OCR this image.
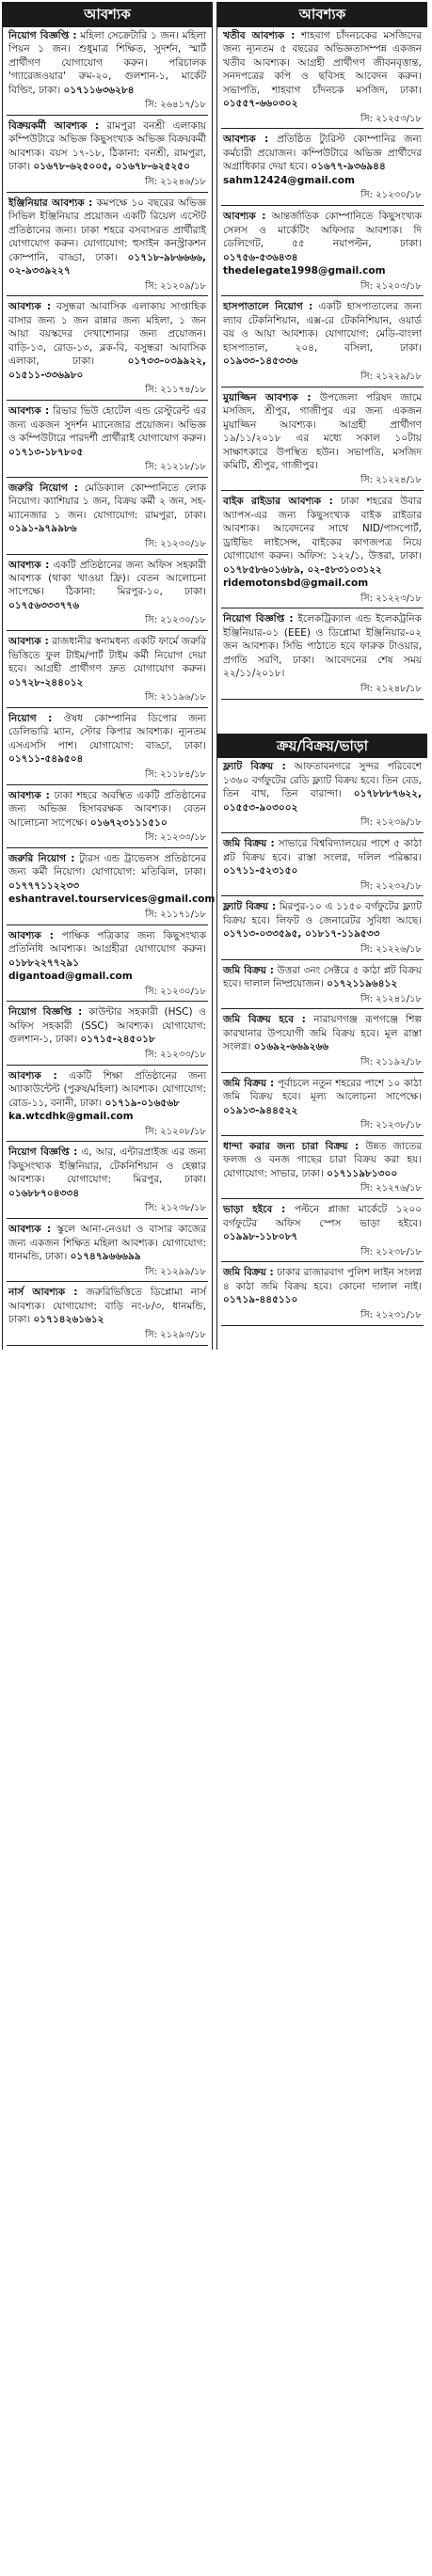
আবশ্যক

নিয়োগ বিজ্ঞপ্তি : মহিলা সেক্রেটারি ১ জন। মহিলা পিয়ন ১ জন। শুধুমাত্র শিক্ষিত, সুদর্শন, স্মার্ট প্রার্থীগণ যোগাযোগ করুন। পরিচালক 'গ্যারেজওয়ার' রুম-২০, গুলশান-১, মার্কেট বিল্ডিং, ঢাকা। ০১৭১১৬৩৬২৮৪

সি: ২৬৪১৭/১৮

বিক্রয়কর্মী আবশ্যক : রামপুরা বনশ্রী এলাকায় কম্পিউটারে অভিজ্ঞ কিছুসংখ্যক অভিজ্ঞ বিক্রয়কর্মী আবশ্যক। বয়স ১৭-১৮, ঠিকানা: বনশ্রী, রামপুরা, ঢাকা। ০১৬৭৮-৬২৫০০৫, ০১৬৭৮-৬২৫২৫০

সি: ২১২৪৬/১৮

ইঞ্জিনিয়ার আবশ্যক : কমপক্ষে ১০ বছরের অভিজ্ঞ সিভিল ইঞ্জিনিয়ার প্রয়োজন একটি রিয়েল এস্টেট প্রতিষ্ঠানের জন্য। ঢাকা শহরে বসবাসরত প্রার্থীরাই যোগাযোগ করুন। যোগাযোগ: হুসাইন কনস্ট্রাকশন কোম্পানি, বাড্ডা, ঢাকা। ০১৭১৮-৯৮৬৬৬৬, ০২-৯৩৩৯২২৭

সি: ২১২০৯/১৮

আবশ্যক : বসুন্ধরা আবাসিক এলাকায় সাপ্তাহিক বাসার জন্য ১ জন রান্নার জন্য মহিলা, ১ জন আয়া বয়স্কদের দেখাশোনার জন্য প্রয়োজন। বাড়ি-১৩, রোড-১৩, ব্লক-বি, বসুন্ধরা আবাসিক এলাকা, ঢাকা।	০১৭৩৩-০৩৯৯২২, ০১৫১১-৩৩৬৯৮০

সি: ২১১৭৪/১৮

আবশ্যক : রিভার ভিউ হোটেল এন্ড রেস্টুরেন্ট এর জন্য একজন সুদর্শন ম্যানেজার প্রয়োজন। অভিজ্ঞ ও কম্পিউটারে পারদর্শী প্রার্থীরাই যোগাযোগ করুন। ০১৭১৩-১৮৭৮০৫

সি: ২১২১৮/১৮

জরুরি নিয়োগ : মেডিক্যাল কোম্পানিতে লোক নিয়োগ। ক্যাশিয়ার ১ জন, বিক্রয় কর্মী ২ জন, সহ-ম্যানেজার ১ জন। যোগাযোগ: রামপুরা, ঢাকা। ০১৯১-৯৭৯৯৮৬

সি: ২১২৩০/১৮

আবশ্যক : একটি প্রতিষ্ঠানের জন্য অফিস সহকারী আবশ্যক (থাকা খাওয়া ফ্রি)। বেতন আলোচনা সাপেক্ষে। ঠিকানা: মিরপুর-১০, ঢাকা। ০১৭৫৬৩৩৩৭৭৬

সি: ২১২৩০/১৮

আবশ্যক : রাজধানীর স্বনামধন্য একটি ফার্মে জরুরি ভিত্তিতে ফুল টাইম/পার্ট টাইম কর্মী নিয়োগ দেয়া হবে। আগ্রহী প্রার্থীগণ দ্রুত যোগাযোগ করুন। ০১৭২৮-২৪৪০১২

সি: ২১১৯৬/১৮

নিয়োগ : ঔষধ কোম্পানির ডিপোর জন্য ডেলিভারি ম্যান, স্টোর কিপার আবশ্যক। ন্যূনতম এসএসসি পাশ। যোগাযোগ: বাড্ডা, ঢাকা। ০১৭১১-৫৪৯৫০৪

সি: ২১১৮৪/১৮

আবশ্যক : ঢাকা শহরে অবস্থিত একটি প্রতিষ্ঠানের জন্য অভিজ্ঞ হিসাবরক্ষক আবশ্যক। বেতন আলোচনা সাপেক্ষে। ০১৬৭২৩১১১৫১০

সি: ২১২৩৩/১৮

জরুরি নিয়োগ : ট্যুরস এন্ড ট্রাভেলস প্রতিষ্ঠানের জন্য কর্মী নিয়োগ। যোগাযোগ: মতিঝিল, ঢাকা। ০১৭৭৭১১২২৩৩

eshantravel.tourservices@gmail.com

সি: ২১১৭১/১৮

আবশ্যক : পাক্ষিক পত্রিকার জন্য কিছুসংখ্যক প্রতিনিধি আবশ্যক। আগ্রহীরা যোগাযোগ করুন। ০১৮৮২২৭৭২৯১

digantoad@gmail.com

সি: ২১২৩০/১৮

নিয়োগ বিজ্ঞপ্তি : কাউন্টার সহকারী (HSC) ও অফিস সহকারী (SSC) আবশ্যক। যোগাযোগ: গুলশান-১, ঢাকা। ০১৭১৫-২৪৫০১৮

সি: ২১২৩৩/১৮

আবশ্যক : একটি শিক্ষা প্রতিষ্ঠানের জন্য অ্যাকাউন্টেন্ট (পুরুষ/মহিলা) আবশ্যক। যোগাযোগ: রোড-১১, বনানী, ঢাকা। ০১৭১৯-০১৬৫৬৮

ka.wtcdhk@gmail.com

সি: ২১২০৮/১৮

নিয়োগ বিজ্ঞপ্তি : এ, আর, এন্টারপ্রাইজ এর জন্য কিছুসংখ্যক ইঞ্জিনিয়ার, টেকনিশিয়ান ও হেল্পার আবশ্যক। যোগাযোগ: মিরপুর, ঢাকা। ০১৬৮৮৭০৪৩৩৪

সি: ২১২৩৮/১৮

আবশ্যক : স্কুলে আনা-নেওয়া ও বাসার কাজের জন্য একজন শিক্ষিত মহিলা আবশ্যক। যোগাযোগ: ধানমন্ডি, ঢাকা। ০১৭৪৭৯৬৬৬৯৯

সি: ২১২৯৯/১৮

নার্স আবশ্যক : জরুরিভিত্তিতে ডিপ্লোমা নার্স আবশ্যক। যোগাযোগ: বাড়ি নং-৮/৩, ধানমন্ডি, ঢাকা। ০১৭১৪২৬১৬১২

সি: ২১২৯৩/১৮
আবশ্যক

খতীব আবশ্যক : শাহবাগ চাঁদনচকের মসজিদের জন্য ন্যূনতম ৫ বছরের অভিজ্ঞতাসম্পন্ন একজন খতীব আবশ্যক। আগ্রহী প্রার্থীগণ জীবনবৃত্তান্ত, সনদপত্রের কপি ও ছবিসহ আবেদন করুন। সভাপতি, শাহবাগ চাঁদনচক মসজিদ, ঢাকা। ০১৫৫৭-৬৬০৩০২

সি: ২১২৫৩/১৮

আবশ্যক : প্রতিষ্ঠিত ট্যুরিস্ট কোম্পানির জন্য কর্মচারী প্রয়োজন। কম্পিউটারে অভিজ্ঞ প্রার্থীদের অগ্রাধিকার দেয়া হবে। ০১৬৭৭-৯৩৬৯৪৪

sahm12424@gmail.com

সি: ২১২৩০/১৮

আবশ্যক : আন্তর্জাতিক কোম্পানিতে কিছুসংখ্যক সেলস ও মার্কেটিং অফিসার আবশ্যক। দি ডেলিগেট, ৫৫ নয়াপল্টন, ঢাকা। ০১৭৫৬-৫৩৬৪৩৪

thedelegate1998@gmail.com

সি: ২১২০৩/১৮

হাসপাতালে নিয়োগ : একটি হাসপাতালের জন্য ল্যাব টেকনিশিয়ান, এক্স-রে টেকনিশিয়ান, ওয়ার্ড বয় ও আয়া আবশ্যক। যোগাযোগ: মেডি-বাংলা হাসপাতাল, ২০৪, বসিলা, ঢাকা। ০১৯৩৩-১৪৫৩৩৬

সি: ২১২২৯/১৮

মুয়াজ্জিন আবশ্যক : উপজেলা পরিষদ জামে মসজিদ, শ্রীপুর, গাজীপুর এর জন্য একজন মুয়াজ্জিন আবশ্যক। আগ্রহী প্রার্থীগণ ১৯/১১/২০১৮ এর মধ্যে সকাল ১০টায় সাক্ষাৎকারে উপস্থিত হউন। সভাপতি, মসজিদ কমিটি, শ্রীপুর, গাজীপুর।

সি: ২১২২৪/১৮

বাইক রাইডার আবশ্যক : ঢাকা শহরের উবার অ্যাপস-এর জন্য কিছুসংখ্যক বাইক রাইডার আবশ্যক। আবেদনের সাথে NID/পাসপোর্ট, ড্রাইভিং লাইসেন্স, বাইকের কাগজপত্র নিয়ে যোগাযোগ করুন। অফিস: ১২২/১, উত্তরা, ঢাকা। ০১৭৮৫৮৬০১৬৮৯, ০২-৫৮৩১০৩১২২

ridemotonsbd@gmail.com

সি: ২১২২৩/১৮

নিয়োগ বিজ্ঞপ্তি : ইলেকট্রিক্যাল এন্ড ইলেকট্রনিক ইঞ্জিনিয়ার-০১ (EEE) ও ডিপ্লোমা ইঞ্জিনিয়ার-০২ জন আবশ্যক। সিভি পাঠাতে হবে ফারুক টাওয়ার, প্রগতি সরণি, ঢাকা। আবেদনের শেষ সময় ২২/১১/২০১৮।

সি: ২১২৪৮/১৮
ক্রয়/বিক্রয়/ভাড়া

ফ্ল্যাট বিক্রয় : আফতাবনগরে সুন্দর পরিবেশে ১৩৬০ বর্গফুটের রেডি ফ্ল্যাট বিক্রয় হবে। তিন বেড, তিন বাথ, তিন বারান্দা। ০১৭৮৮৮৭৬২২, ০১৫৫৩-৯০৩০০২

সি: ২১২৩৯/১৮

জমি বিক্রয় : সাভারে বিশ্ববিদ্যালয়ের পাশে ৫ কাঠা প্লট বিক্রয় হবে। রাস্তা সংলগ্ন, দলিল পরিষ্কার। ০১৭১১-৫২৩১৫০

সি: ২১২৩২/১৮

ফ্ল্যাট বিক্রয় : মিরপুর-১০ এ ১১৫০ বর্গফুটের ফ্ল্যাট বিক্রয় হবে। লিফট ও জেনারেটর সুবিধা আছে। ০১৭১৩-০৩৩৫৯৫, ০১৮১৭-১১৯৫৩৩

সি: ২১২২৬/১৮

জমি বিক্রয় : উত্তরা ৩নং সেক্টরে ৫ কাঠা প্লট বিক্রয় হবে। দালাল নিষ্প্রয়োজন। ০১৭২১১৯৬৪১২

সি: ২১২৪১/১৮

জমি বিক্রয় হবে : নারায়ণগঞ্জ রূপগঞ্জে শিল্প কারখানার উপযোগী জমি বিক্রয় হবে। মূল রাস্তা সংলগ্ন। ০১৬৯২-৬৬৯২৬৬

সি: ২১১৯২/১৮

জমি বিক্রয় : পূর্বাচলে নতুন শহরের পাশে ১০ কাঠা জমি বিক্রয় হবে। মূল্য আলোচনা সাপেক্ষে। ০১৯১৩-৯৪৪৫২২

সি: ২১২৩৮/১৮

ধান্দা করার জন্য চারা বিক্রয় : উন্নত জাতের ফলজ ও বনজ গাছের চারা বিক্রয় করা হয়। যোগাযোগ: সাভার, ঢাকা। ০১৭১১৯৮১৩০০

সি: ২১২৭৬/১৮

ভাড়া হইবে : পল্টনে প্লাজা মার্কেটে ১২০০ বর্গফুটের অফিস স্পেস ভাড়া হইবে। ০১৯৯৮-১১৮০৮৭

সি: ২১২৩৮/১৮

জমি বিক্রয় : ঢাকার রাজারবাগ পুলিশ লাইন সংলগ্ন ৪ কাঠা জমি বিক্রয় হবে। কোনো দালাল নাই। ০১৭১৯-৪৪৫১১০

সি: ২১২৩১/১৮
